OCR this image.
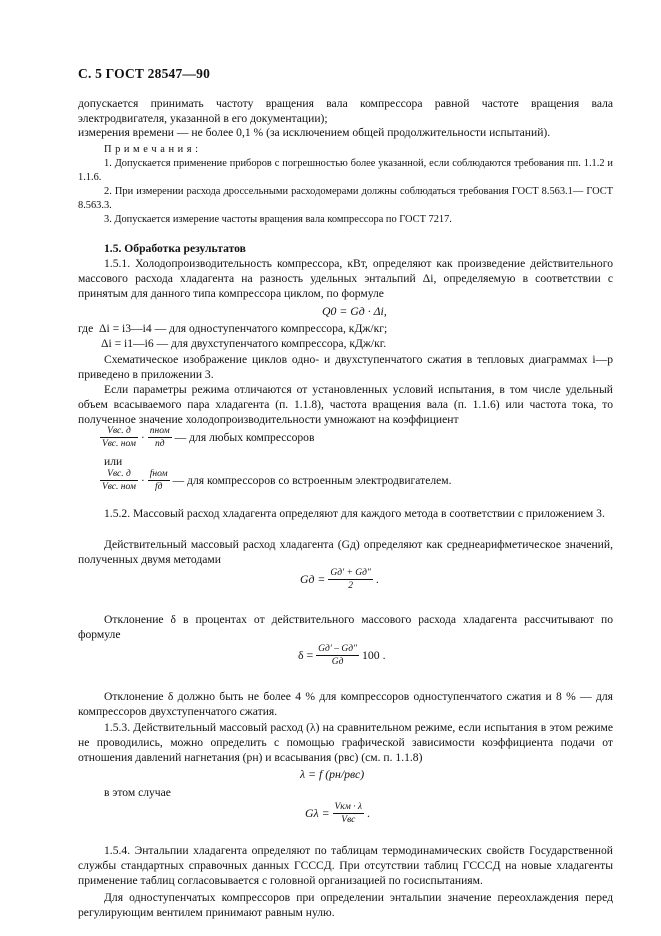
С. 5 ГОСТ 28547—90
допускается принимать частоту вращения вала компрессора равной частоте вращения вала электродвигателя, указанной в его документации);
измерения времени — не более 0,1 % (за исключением общей продолжительности испытаний).
П р и м е ч а н и я :
1. Допускается применение приборов с погрешностью более указанной, если соблюдаются требования пп. 1.1.2 и 1.1.6.
2. При измерении расхода дроссельными расходомерами должны соблюдаться требования ГОСТ 8.563.1— ГОСТ 8.563.3.
3. Допускается измерение частоты вращения вала компрессора по ГОСТ 7217.
1.5. Обработка результатов
1.5.1. Холодопроизводительность компрессора, кВт, определяют как произведение действительного массового расхода хладагента на разность удельных энтальпий Δi, определяемую в соответствии с принятым для данного типа компрессора циклом, по формуле
Q0 = Gд · Δi,
где Δi = i3—i4 — для одноступенчатого компрессора, кДж/кг;
Δi = i1—i6 — для двухступенчатого компрессора, кДж/кг.
Схематическое изображение циклов одно- и двухступенчатого сжатия в тепловых диаграммах i—p приведено в приложении 3.
Если параметры режима отличаются от установленных условий испытания, в том числе удельный объем всасываемого пара хладагента (п. 1.1.8), частота вращения вала (п. 1.1.6) или частота тока, то полученное значение холодопроизводительности умножают на коэффициент
$\frac{\text{Vвс. д}}{\text{Vвс. ном}} \cdot \frac{\text{nном}}{nд}$ — для любых компрессоров
или
$\frac{\text{Vвс. д}}{\text{Vвс. ном}} \cdot \frac{\text{fном}}{fд}$ — для компрессоров со встроенным электродвигателем.
1.5.2. Массовый расход хладагента определяют для каждого метода в соответствии с приложением 3.
Действительный массовый расход хладагента (Gд) определяют как среднеарифметическое значений, полученных двумя методами
Gд = $\frac{Gд' + Gд''}{2}$ .
Отклонение δ в процентах от действительного массового расхода хладагента рассчитывают по формуле
$\delta = \frac{Gд' - Gд''}{Gд} 100$ .
Отклонение δ должно быть не более 4 % для компрессоров одноступенчатого сжатия и 8 % — для компрессоров двухступенчатого сжатия.
1.5.3. Действительный массовый расход (λ) на сравнительном режиме, если испытания в этом режиме не проводились, можно определить с помощью графической зависимости коэффициента подачи от отношения давлений нагнетания (pн) и всасывания (pвс) (см. п. 1.1.8)
λ = f (pн/pвс)
в этом случае
$G\lambda = \frac{\text{Vкм · λ}}{\text{Vвс}}$ .
1.5.4. Энтальпии хладагента определяют по таблицам термодинамических свойств Государственной службы стандартных справочных данных ГССCД. При отсутствии таблиц ГССCД на новые хладагенты применение таблиц согласовывается с головной организацией по госиспытаниям.
Для одноступенчатых компрессоров при определении энтальпии значение переохлаждения перед регулирующим вентилем принимают равным нулю.
